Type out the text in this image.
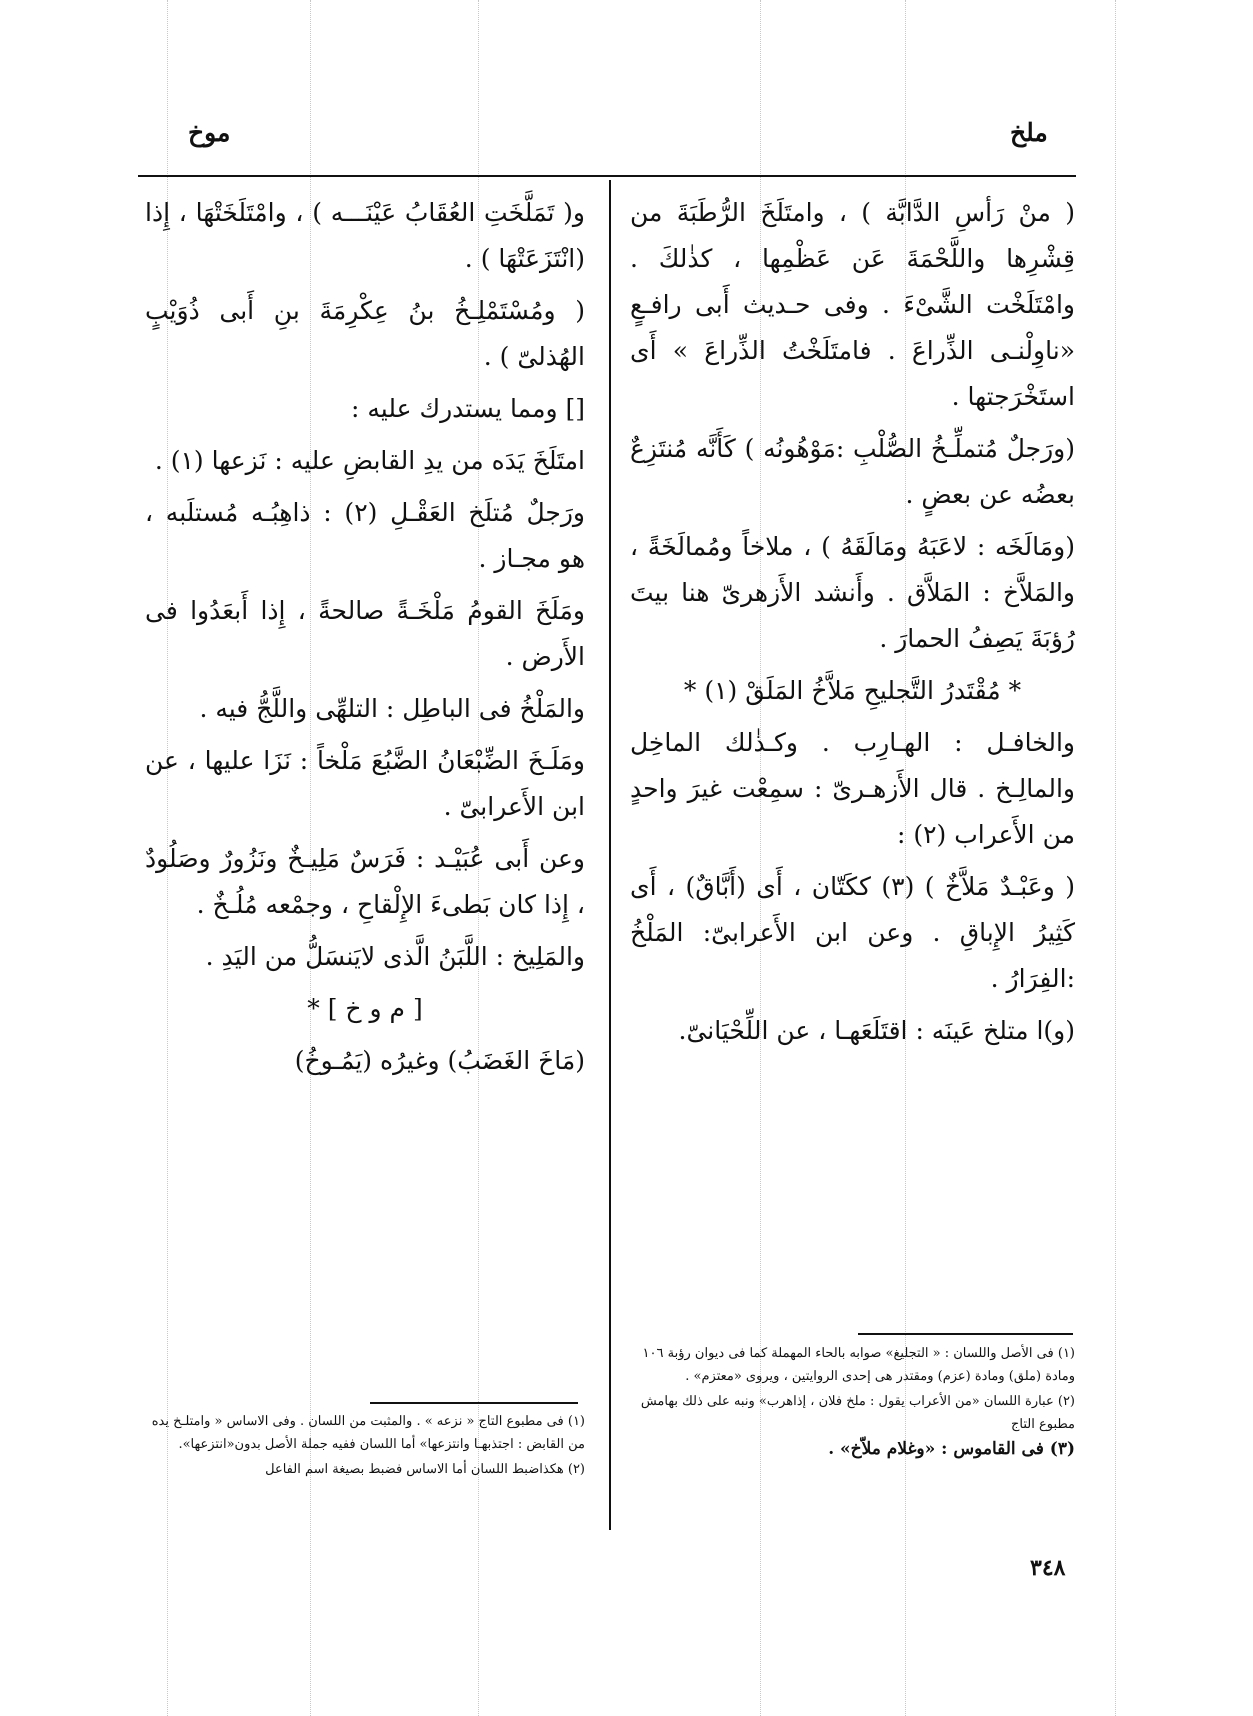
ملخ
موخ

( منْ رَأسِ الدَّابَّة ) ، وامتَلَخَ الرُّطَبَةَ من قِشْرِها واللَّحْمَةَ عَن عَظْمِها ، كذٰلكَ . وامْتَلَخْت الشَّىْءَ . وفى حـديث أَبى رافـعٍ «ناوِلْنـى الذِّراعَ . فامتَلَخْتُ الذِّراعَ » أَى استَخْرَجتها .

(ورَجلٌ مُتملِّـخُ الصُّلْبِ :مَوْهُونُه ) كَأَنَّه مُنتَزِعٌ بعضُه عن بعضٍ .

(ومَالَخَه : لاعَبَهُ ومَالَقَهُ ) ، ملاخاً ومُمالَخَةً ، والمَلاَّخ : المَلاَّق . وأَنشد الأَزهرىّ هنا بيتَ رُؤبَةَ يَصِفُ الحمارَ .

* مُقْتَدرُ التَّجليحِ مَلاَّخُ المَلَقْ (١) *

والخافـل : الهـارِب . وكـذٰلك الماخِل والمالِـخ . قال الأَزهـرىّ : سمِعْت غيرَ واحدٍ من الأَعراب (٢) :

( وعَبْـدٌ مَلاَّخٌ ) (٣) ككَتّان ، أَى (أَبَّاقٌ) ، أَى كَثِيرُ الإِباقِ . وعن ابن الأَعرابىّ: المَلْخُ :الفِرَارُ .

(و)ا متلخ عَينَه : اقتَلَعَهـا ، عن اللِّحْيَانىّ.

و( تَمَلَّخَتِ العُقَابُ عَيْنَـــه ) ، وامْتَلَخَتْهَا ، إِذا (انْتَزَعَتْهَا ) .

( ومُسْتَمْلِـخُ بنُ عِكْرِمَةَ بنِ أَبى ذُوَيْبٍ الهُذلىّ ) .

[] ومما يستدرك عليه :

امتَلَخَ يَدَه من يدِ القابضِ عليه : نَزعها (١) .

ورَجلٌ مُتلَخ العَقْـلِ (٢) : ذاهِبُـه مُستلَبه ، هو مجـاز .

ومَلَخَ القومُ مَلْخَـةً صالحةً ، إِذا أَبعَدُوا فى الأَرض .

والمَلْخُ فى الباطِل : التلهِّى واللَّجُّ فيه .

ومَلَـخَ الضِّبْعَانُ الضَّبُعَ مَلْخاً : نَزَا عليها ، عن ابن الأَعرابىّ .

وعن أَبى عُبَيْـد : فَرَسٌ مَلِيـخٌ ونَزُورٌ وصَلُودٌ ، إِذا كان بَطىءَ الإِلْقاحِ ، وجمْعه مُلُـخٌ .

والمَلِيخ : اللَّبَنُ الَّذى لايَنسَلُّ من اليَدِ .

[ م و خ ] *

(مَاخَ الغَضَبُ) وغيرُه (يَمُـوخُ)

(١) فى مطبوع التاج « نزعه » . والمثبت من اللسان . وفى الاساس « وامتلـخ يده من القابض : اجتذبهـا وانتزعها» أما اللسان ففيه جملة الأصل بدون«انتزعها».

(٢) هكذاضبط اللسان أما الاساس فضبط بصيغة اسم الفاعل

(١) فى الأصل واللسان : « التجليغ» صوابه بالحاء المهملة كما فى ديوان رؤبة ١٠٦ ومادة (ملق) ومادة (عزم) ومقتدر هى إحدى الروايتين ، ويروى «معتزم» .

(٢) عبارة اللسان «من الأعراب يقول : ملخ فلان ، إذاهرب» ونبه على ذلك بهامش مطبوع التاج

(٣) فى القاموس : «وغلام ملاّخ» .

٣٤٨
